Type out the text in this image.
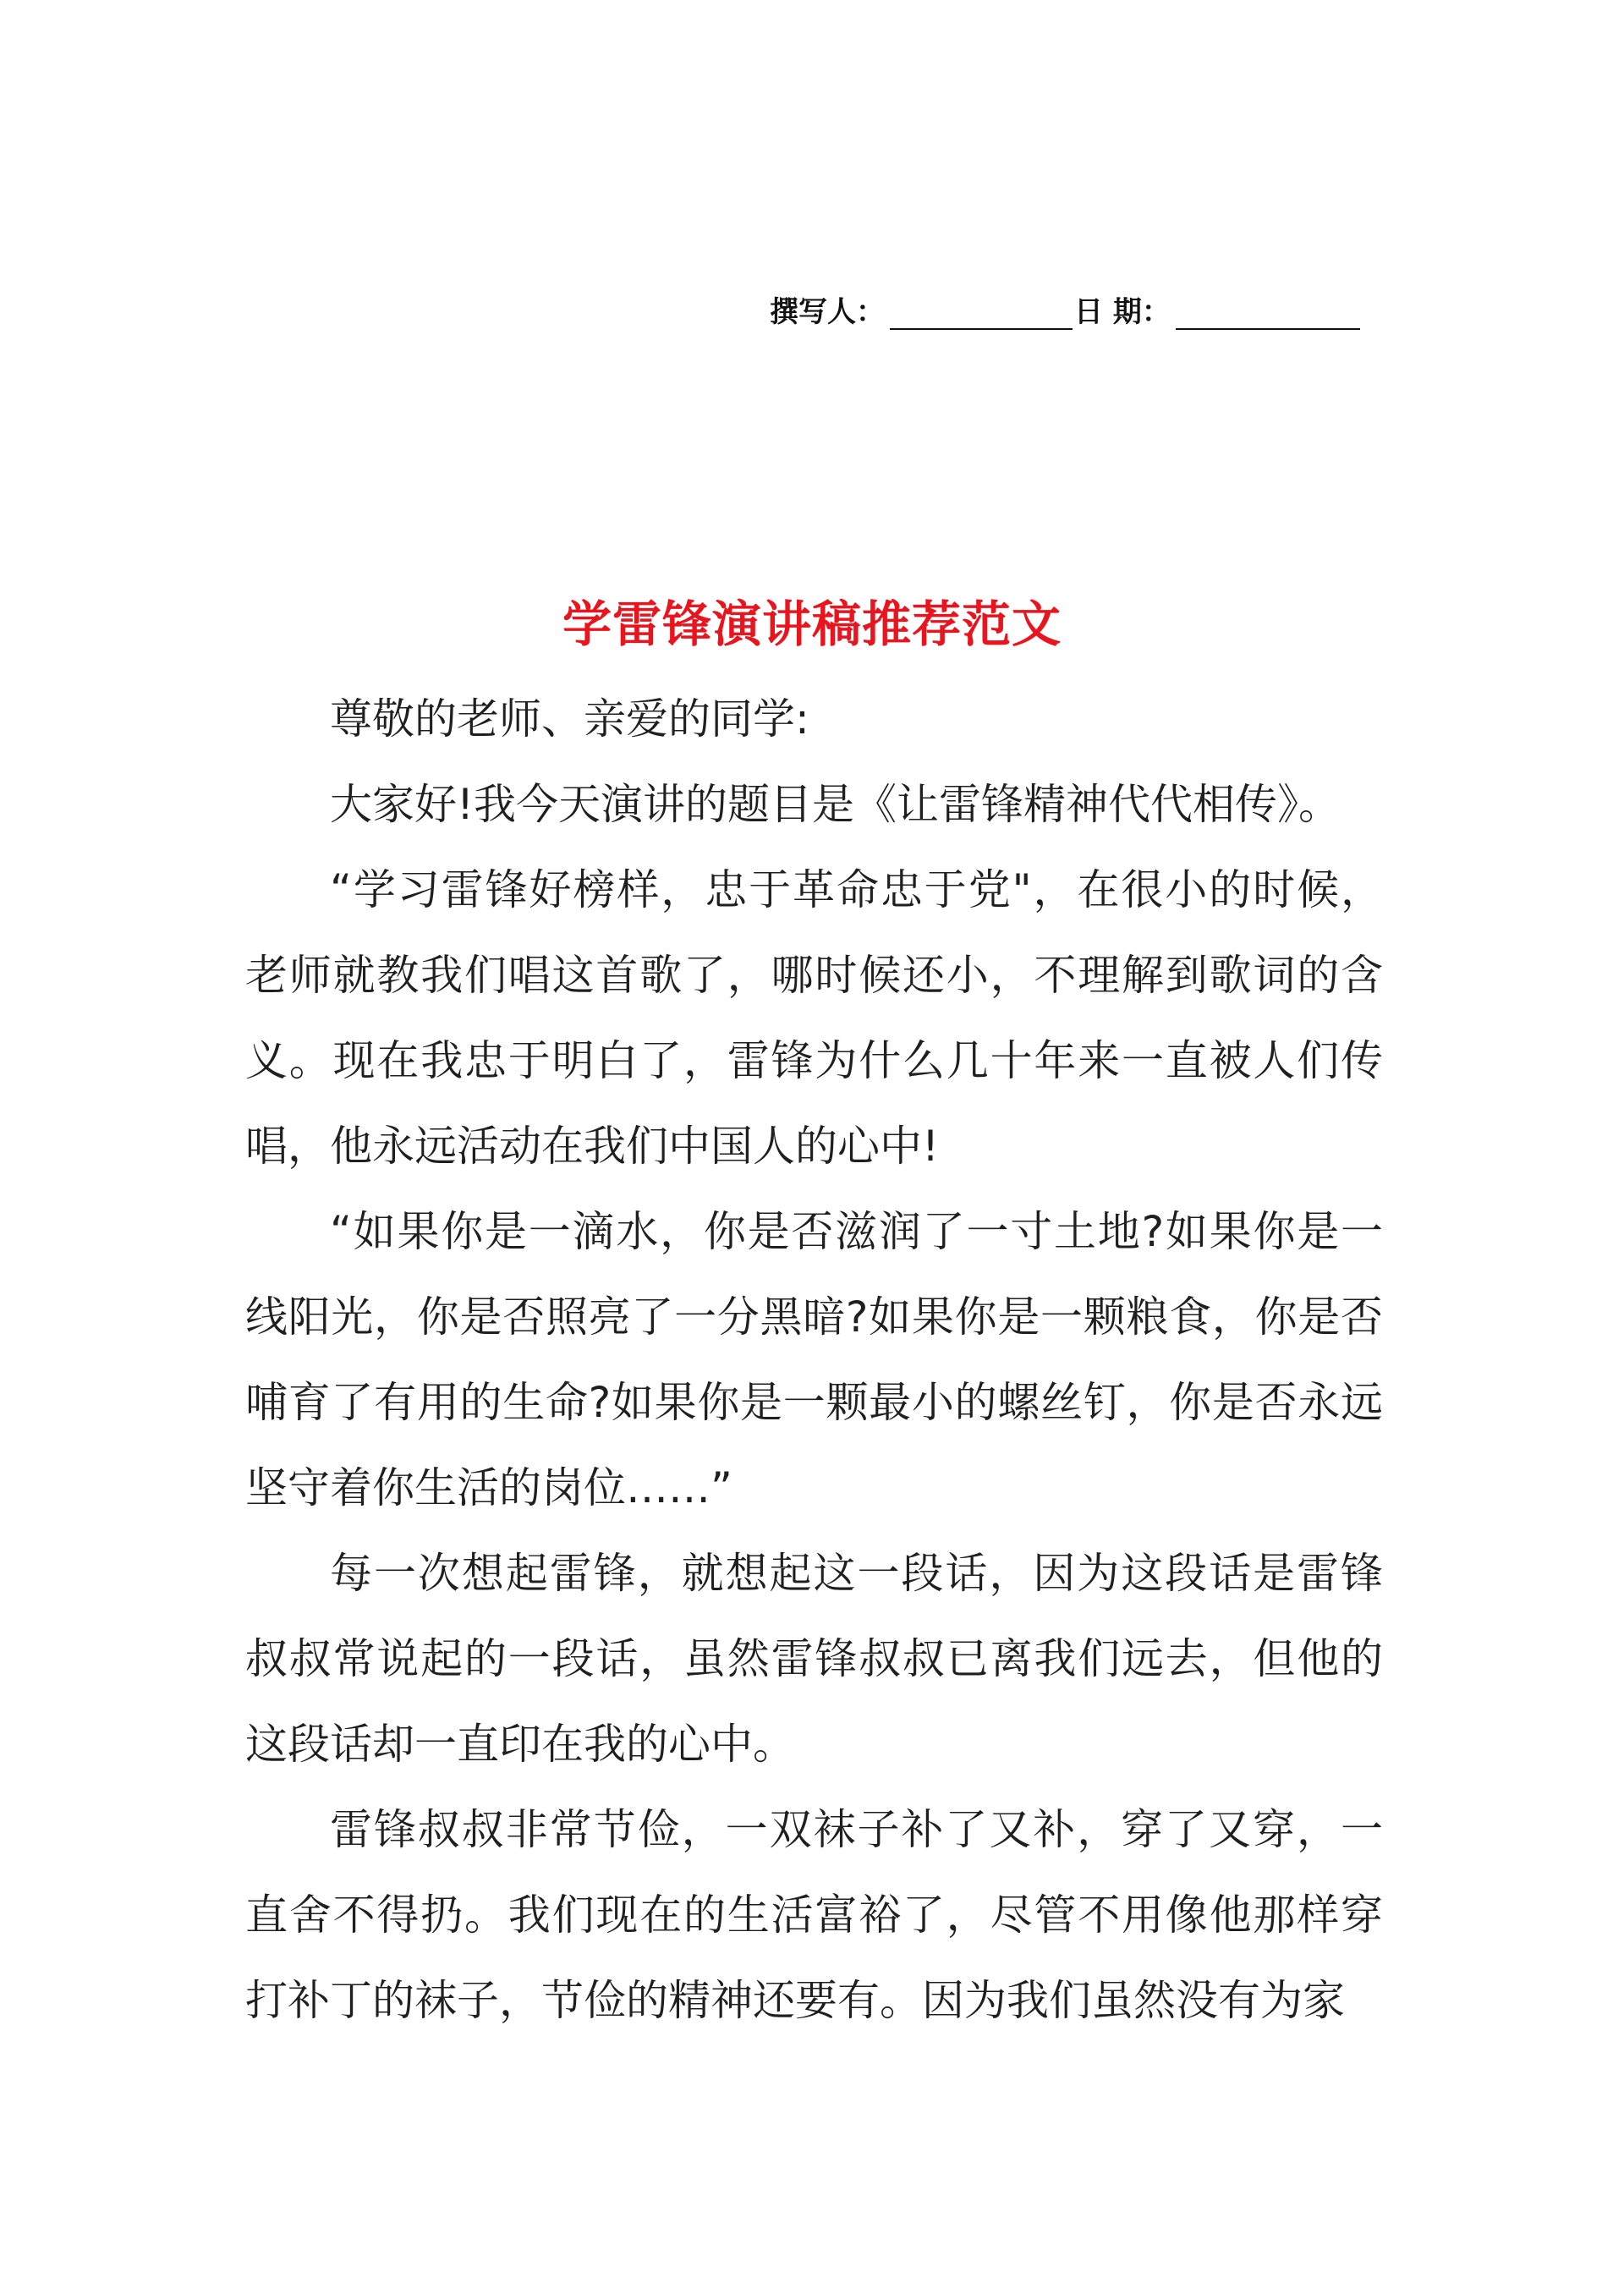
撰写人：	日 期：
学雷锋演讲稿推荐范文

尊敬的老师、亲爱的同学:

大家好!我今天演讲的题目是《让雷锋精神代代相传》。

“学习雷锋好榜样，忠于革命忠于党"，在很小的时候，老师就教我们唱这首歌了，哪时候还小，不理解到歌词的含义。现在我忠于明白了，雷锋为什么几十年来一直被人们传唱，他永远活动在我们中国人的心中!

“如果你是一滴水，你是否滋润了一寸土地?如果你是一线阳光，你是否照亮了一分黑暗?如果你是一颗粮食，你是否哺育了有用的生命?如果你是一颗最小的螺丝钉，你是否永远坚守着你生活的岗位……”

每一次想起雷锋，就想起这一段话，因为这段话是雷锋叔叔常说起的一段话，虽然雷锋叔叔已离我们远去，但他的这段话却一直印在我的心中。

雷锋叔叔非常节俭，一双袜子补了又补，穿了又穿，一直舍不得扔。我们现在的生活富裕了，尽管不用像他那样穿打补丁的袜子，节俭的精神还要有。因为我们虽然没有为家
